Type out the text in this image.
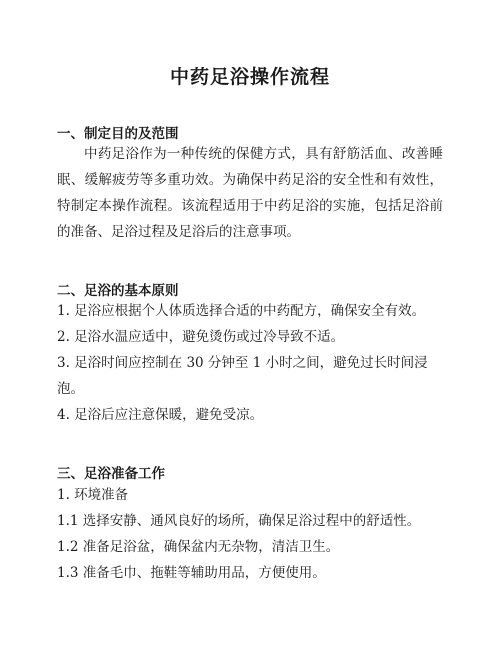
中药足浴操作流程
一、制定目的及范围

中药足浴作为一种传统的保健方式，具有舒筋活血、改善睡眠、缓解疲劳等多重功效。为确保中药足浴的安全性和有效性，特制定本操作流程。该流程适用于中药足浴的实施，包括足浴前的准备、足浴过程及足浴后的注意事项。

二、足浴的基本原则

1. 足浴应根据个人体质选择合适的中药配方，确保安全有效。

2. 足浴水温应适中，避免烫伤或过冷导致不适。

3. 足浴时间应控制在 30 分钟至 1 小时之间，避免过长时间浸泡。

4. 足浴后应注意保暖，避免受凉。

三、足浴准备工作

1. 环境准备

1.1 选择安静、通风良好的场所，确保足浴过程中的舒适性。

1.2 准备足浴盆，确保盆内无杂物，清洁卫生。

1.3 准备毛巾、拖鞋等辅助用品，方便使用。
